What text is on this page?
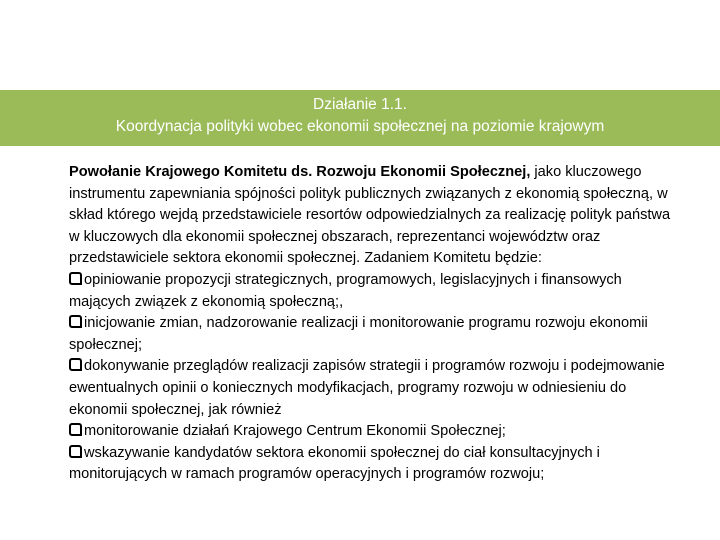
Działanie 1.1.
Koordynacja polityki wobec ekonomii społecznej na poziomie krajowym

Powołanie Krajowego Komitetu ds. Rozwoju Ekonomii Społecznej, jako kluczowego instrumentu zapewniania spójności polityk publicznych związanych z ekonomią społeczną, w skład którego wejdą przedstawiciele resortów odpowiedzialnych za realizację polityk państwa w kluczowych dla ekonomii społecznej obszarach, reprezentanci województw oraz przedstawiciele sektora ekonomii społecznej. Zadaniem Komitetu będzie:

opiniowanie propozycji strategicznych, programowych, legislacyjnych i finansowych mających związek z ekonomią społeczną;,

inicjowanie zmian, nadzorowanie realizacji i monitorowanie programu rozwoju ekonomii społecznej;

dokonywanie przeglądów realizacji zapisów strategii i programów rozwoju i podejmowanie ewentualnych opinii o koniecznych modyfikacjach, programy rozwoju w odniesieniu do ekonomii społecznej, jak również

monitorowanie działań Krajowego Centrum Ekonomii Społecznej;

wskazywanie kandydatów sektora ekonomii społecznej do ciał konsultacyjnych i monitorujących w ramach programów operacyjnych i programów rozwoju;
